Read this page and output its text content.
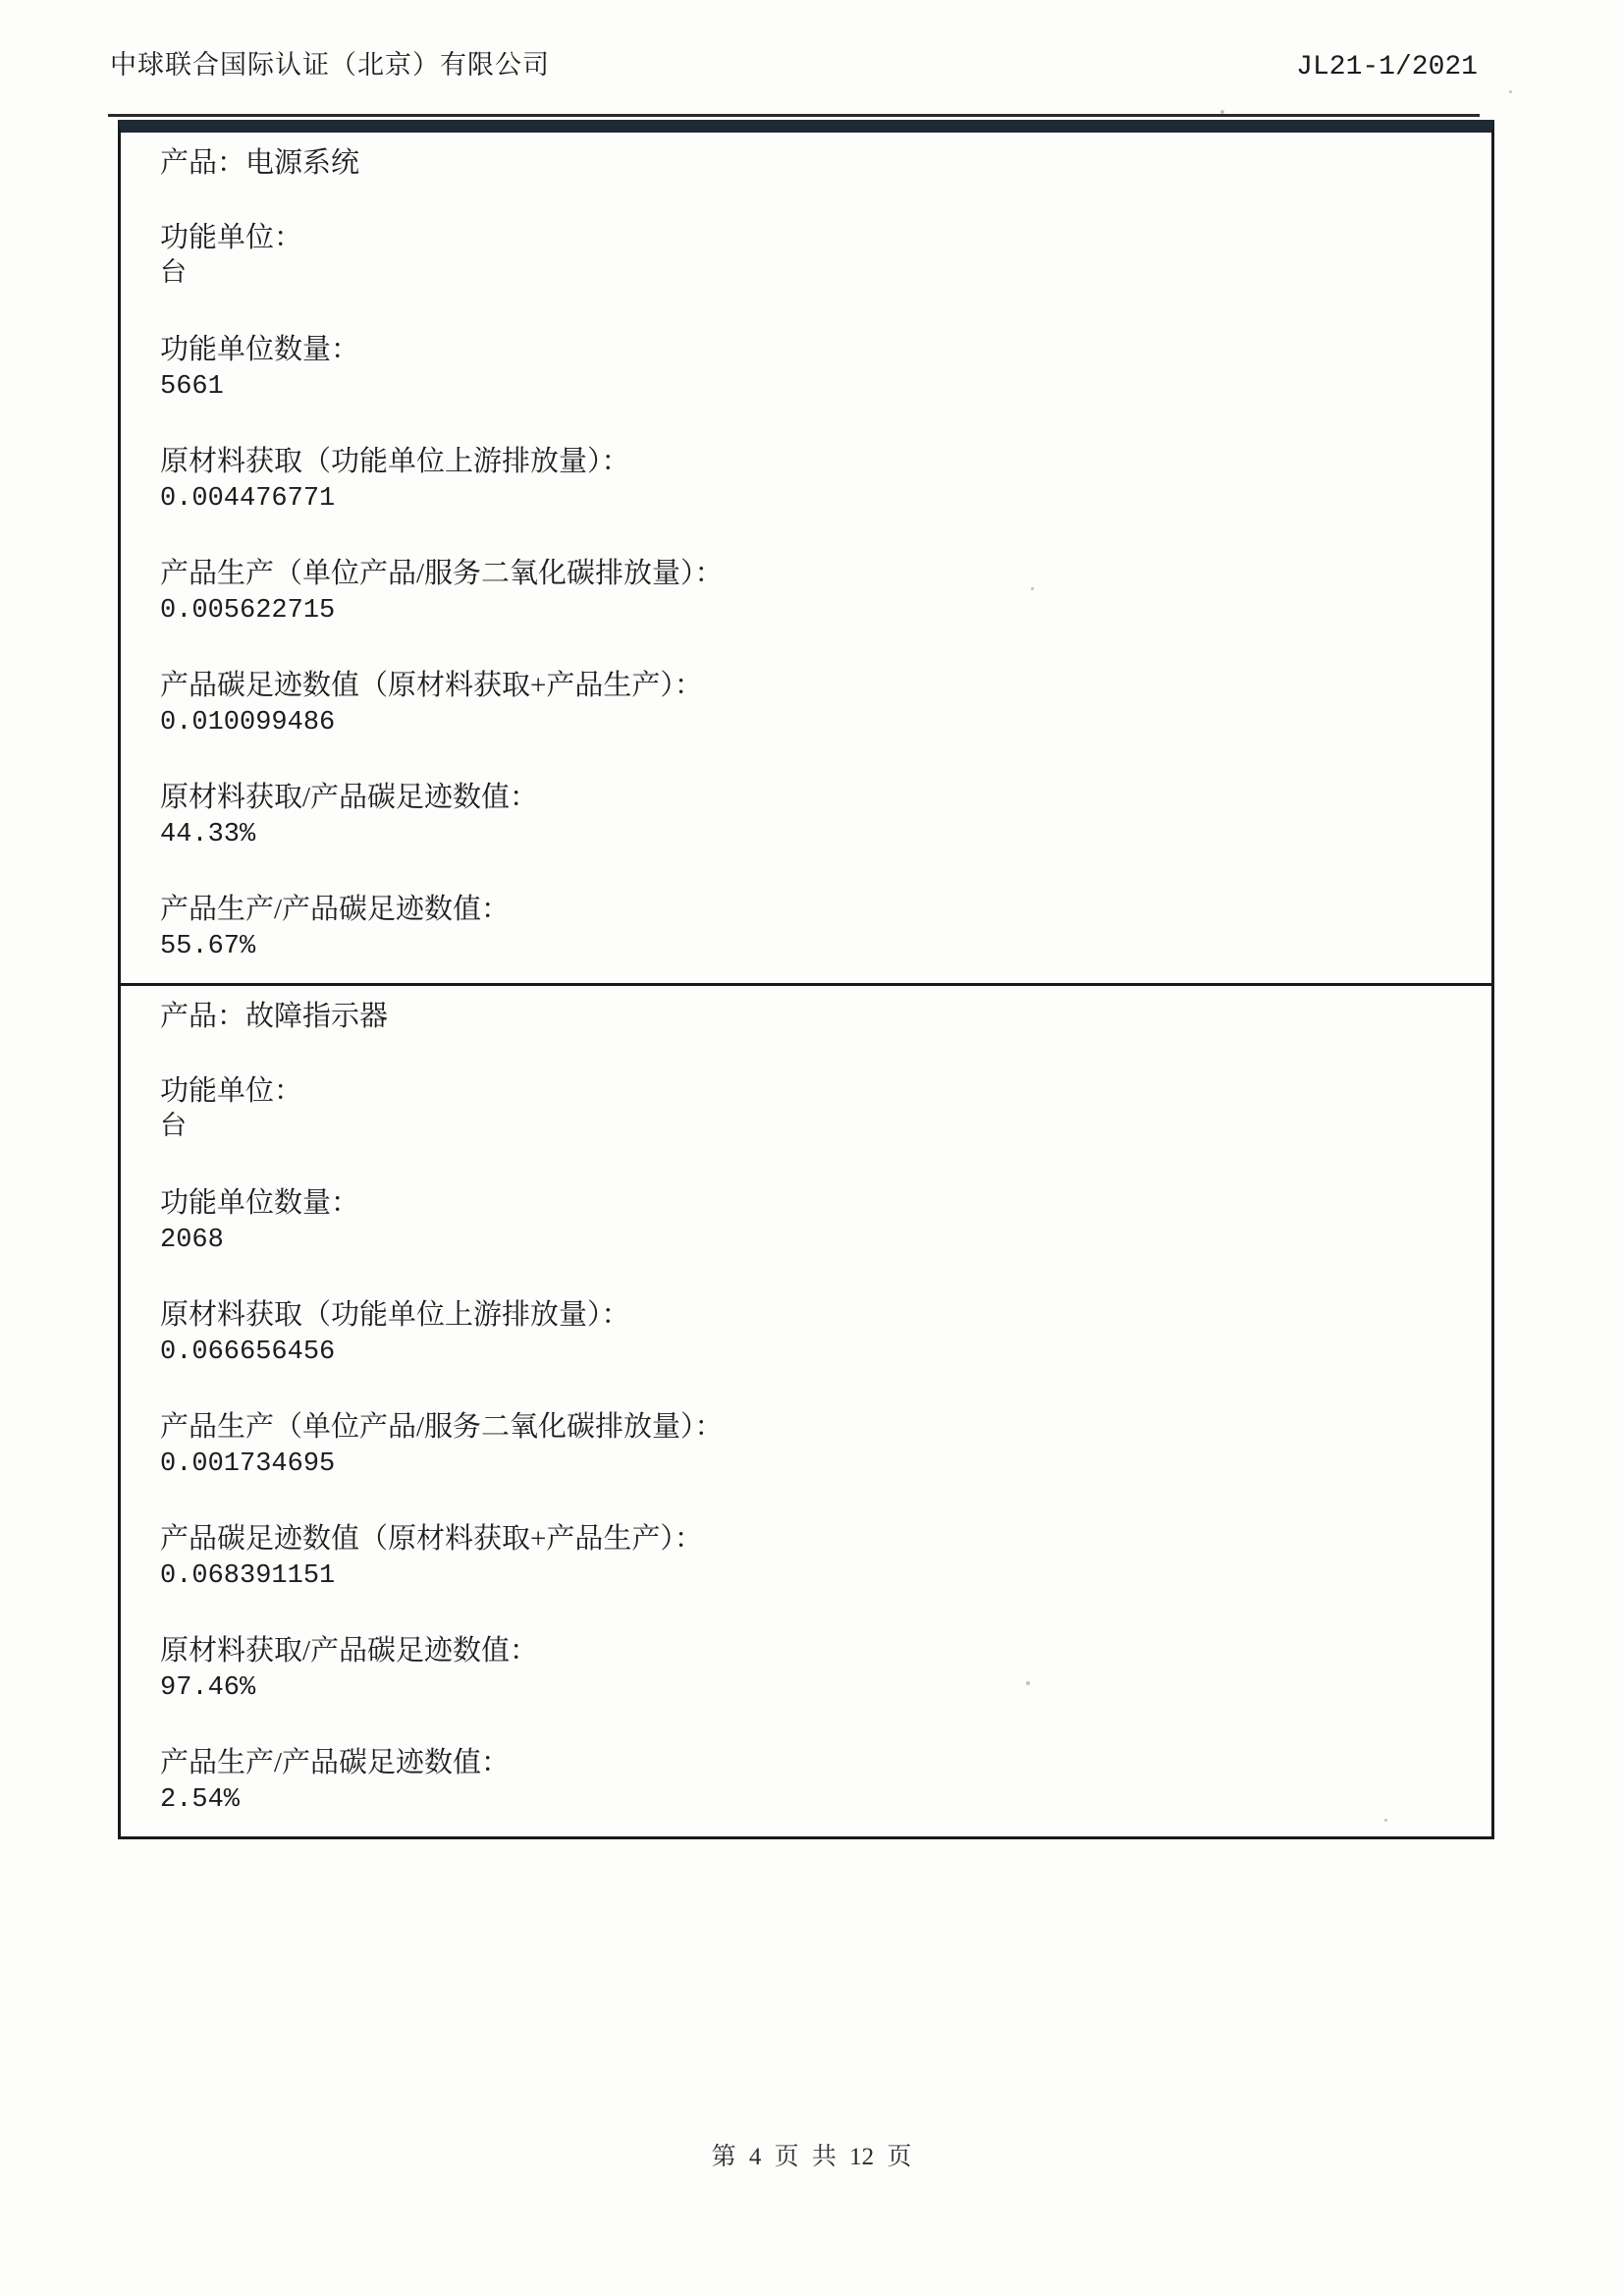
中球联合国际认证（北京）有限公司	JL21-1/2021
产品：电源系统
功能单位：
台
功能单位数量：
5661
原材料获取（功能单位上游排放量）：
0.004476771
产品生产（单位产品/服务二氧化碳排放量）：
0.005622715
产品碳足迹数值（原材料获取+产品生产）：
0.010099486
原材料获取/产品碳足迹数值：
44.33%
产品生产/产品碳足迹数值：
55.67%
产品：故障指示器
功能单位：
台
功能单位数量：
2068
原材料获取（功能单位上游排放量）：
0.066656456
产品生产（单位产品/服务二氧化碳排放量）：
0.001734695
产品碳足迹数值（原材料获取+产品生产）：
0.068391151
原材料获取/产品碳足迹数值：
97.46%
产品生产/产品碳足迹数值：
2.54%
第 4 页 共 12 页
